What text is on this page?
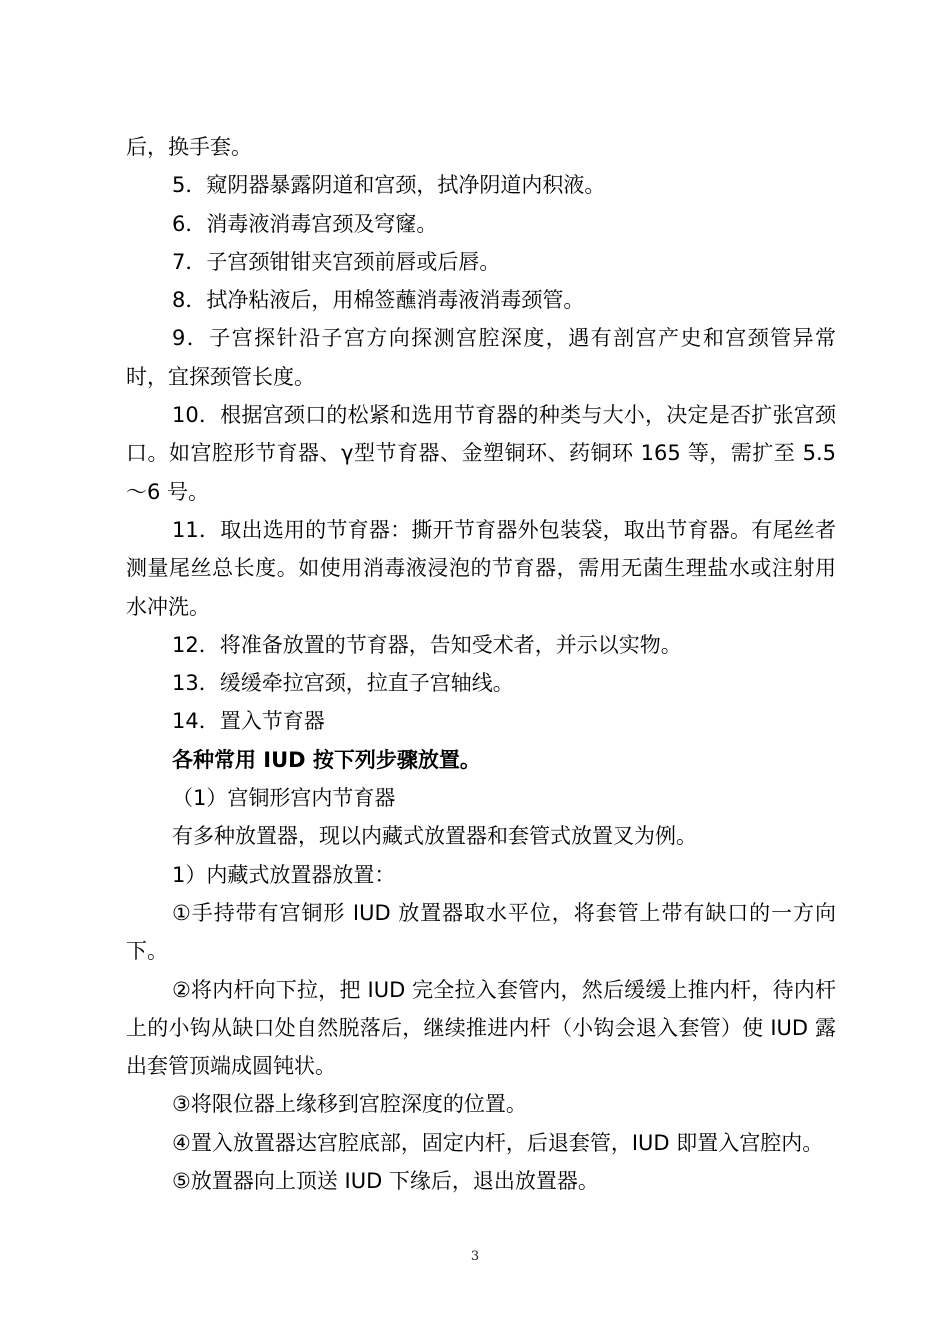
后，换手套。

5．窥阴器暴露阴道和宫颈，拭净阴道内积液。

6．消毒液消毒宫颈及穹窿。

7．子宫颈钳钳夹宫颈前唇或后唇。

8．拭净粘液后，用棉签蘸消毒液消毒颈管。

9．子宫探针沿子宫方向探测宫腔深度，遇有剖宫产史和宫颈管异常时，宜探颈管长度。

10．根据宫颈口的松紧和选用节育器的种类与大小，决定是否扩张宫颈口。如宫腔形节育器、γ型节育器、金塑铜环、药铜环 165 等，需扩至 5.5～6 号。

11．取出选用的节育器：撕开节育器外包装袋，取出节育器。有尾丝者测量尾丝总长度。如使用消毒液浸泡的节育器，需用无菌生理盐水或注射用水冲洗。

12．将准备放置的节育器，告知受术者，并示以实物。

13．缓缓牵拉宫颈，拉直子宫轴线。

14．置入节育器

各种常用 IUD 按下列步骤放置。

（1）宫铜形宫内节育器

有多种放置器，现以内藏式放置器和套管式放置叉为例。

1）内藏式放置器放置：

①手持带有宫铜形 IUD 放置器取水平位，将套管上带有缺口的一方向下。

②将内杆向下拉，把 IUD 完全拉入套管内，然后缓缓上推内杆，待内杆上的小钩从缺口处自然脱落后，继续推进内杆（小钩会退入套管）使 IUD 露出套管顶端成圆钝状。

③将限位器上缘移到宫腔深度的位置。

④置入放置器达宫腔底部，固定内杆，后退套管，IUD 即置入宫腔内。

⑤放置器向上顶送 IUD 下缘后，退出放置器。

3
